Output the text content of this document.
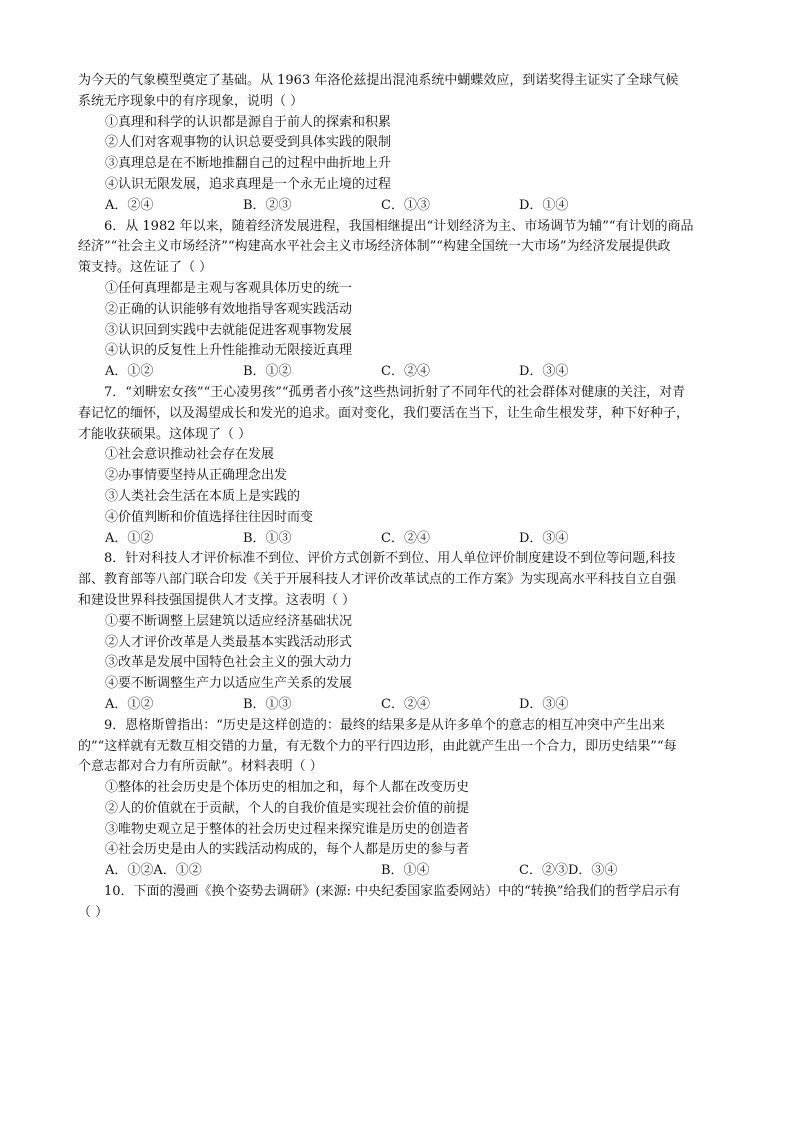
为今天的气象模型奠定了基础。从 1963 年洛伦兹提出混沌系统中蝴蝶效应，到诺奖得主证实了全球气候

系统无序现象中的有序现象，说明（ ）

①真理和科学的认识都是源自于前人的探索和积累

②人们对客观事物的认识总要受到具体实践的限制

③真理总是在不断地推翻自己的过程中曲折地上升

④认识无限发展，追求真理是一个永无止境的过程

A．②④	B．②③	C．①③	D．①④

6．从 1982 年以来，随着经济发展进程，我国相继提出“计划经济为主、市场调节为辅”“有计划的商品

经济”“社会主义市场经济”“构建高水平社会主义市场经济体制”“构建全国统一大市场”为经济发展提供政

策支持。这佐证了（ ）

①任何真理都是主观与客观具体历史的统一

②正确的认识能够有效地指导客观实践活动

③认识回到实践中去就能促进客观事物发展

④认识的反复性上升性能推动无限接近真理

A．①②	B．①②	C．②④	D．③④

7．“刘畊宏女孩”“王心凌男孩”“孤勇者小孩”这些热词折射了不同年代的社会群体对健康的关注，对青

春记忆的缅怀，以及渴望成长和发光的追求。面对变化，我们要活在当下，让生命生根发芽，种下好种子，

才能收获硕果。这体现了（ ）

①社会意识推动社会存在发展

②办事情要坚持从正确理念出发

③人类社会生活在本质上是实践的

④价值判断和价值选择往往因时而变

A．①②	B．①③	C．②④	D．③④

8．针对科技人才评价标准不到位、评价方式创新不到位、用人单位评价制度建设不到位等问题,科技

部、教育部等八部门联合印发《关于开展科技人才评价改革试点的工作方案》为实现高水平科技自立自强

和建设世界科技强国提供人才支撑。这表明（ ）

①要不断调整上层建筑以适应经济基础状况

②人才评价改革是人类最基本实践活动形式

③改革是发展中国特色社会主义的强大动力

④要不断调整生产力以适应生产关系的发展

A．①②	B．①③	C．②④	D．③④

9．恩格斯曾指出：“历史是这样创造的：最终的结果多是从许多单个的意志的相互冲突中产生出来

的”“这样就有无数互相交错的力量，有无数个力的平行四边形，由此就产生出一个合力，即历史结果”“每

个意志都对合力有所贡献”。材料表明（ ）

①整体的社会历史是个体历史的相加之和，每个人都在改变历史

②人的价值就在于贡献，个人的自我价值是实现社会价值的前提

③唯物史观立足于整体的社会历史过程来探究谁是历史的创造者

④社会历史是由人的实践活动构成的，每个人都是历史的参与者

A．①②A．①②	B．①④	C．②③D．③④

10．下面的漫画《换个姿势去调研》(来源: 中央纪委国家监委网站）中的“转换”给我们的哲学启示有

（ ）
